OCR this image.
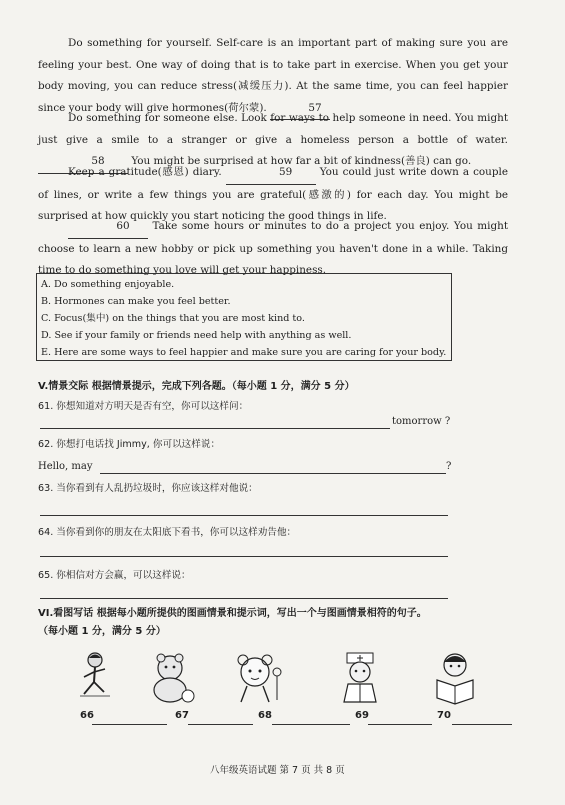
Do something for yourself. Self-care is an important part of making sure you are feeling your best. One way of doing that is to take part in exercise. When you get your body moving, you can reduce stress(减缓压力). At the same time, you can feel happier since your body will give hormones(荷尔蒙).	57
Do something for someone else. Look for ways to help someone in need. You might just give a smile to a stranger or give a homeless person a bottle of water. 58	You might be surprised at how far a bit of kindness(善良) can go.
Keep a gratitude(感恩) diary.	59	You could just write down a couple of lines, or write a few things you are grateful(感激的) for each day. You might be surprised at how quickly you start noticing the good things in life.
60 Take some hours or minutes to do a project you enjoy. You might choose to learn a new hobby or pick up something you haven't done in a while. Taking time to do something you love will get your happiness.
A. Do something enjoyable.
B. Hormones can make you feel better.
C. Focus(集中) on the things that you are most kind to.
D. See if your family or friends need help with anything as well.
E. Here are some ways to feel happier and make sure you are caring for your body.
V.情景交际 根据情景提示，完成下列各题。（每小题 1 分，满分 5 分）
61. 你想知道对方明天是否有空，你可以这样问：
tomorrow ?
62. 你想打电话找 Jimmy, 你可以这样说：
Hello, may	?
63. 当你看到有人乱扔垃圾时，你应该这样对他说：
64. 当你看到你的朋友在太阳底下看书，你可以这样劝告他：
65. 你相信对方会赢，可以这样说：
VI.看图写话 根据每小题所提供的图画情景和提示词，写出一个与图画情景相符的句子。
（每小题 1 分，满分 5 分）
66	67	68	69	70
八年级英语试题 第 7 页 共 8 页
